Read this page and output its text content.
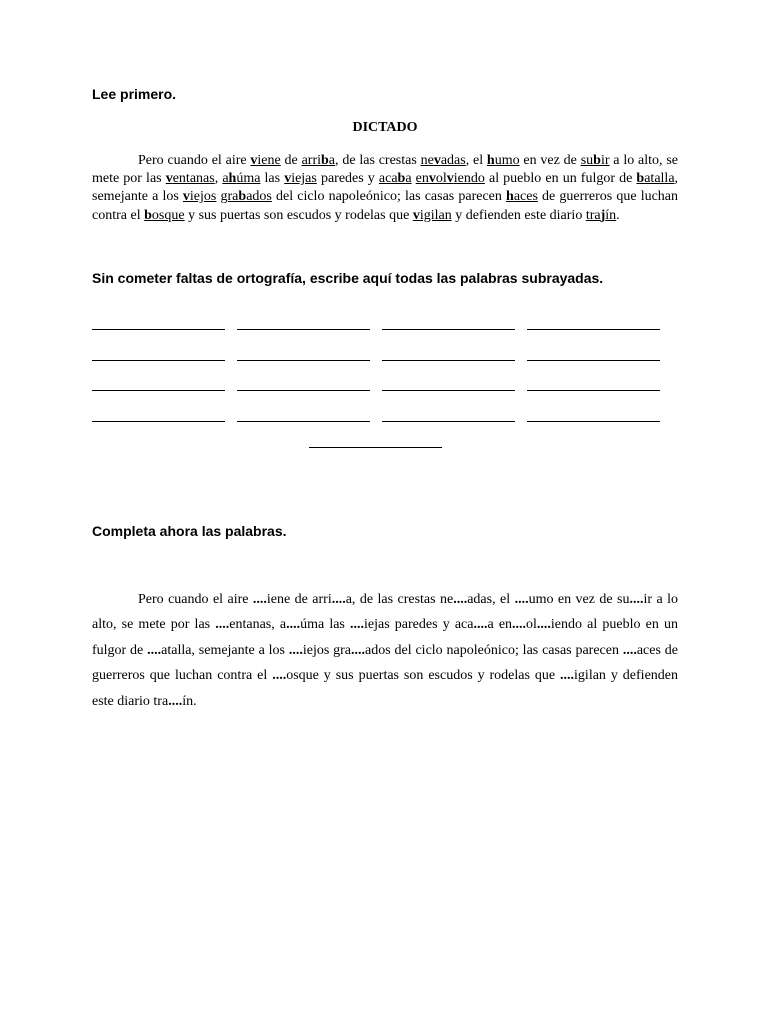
Lee primero.
DICTADO

Pero cuando el aire viene de arriba, de las crestas nevadas, el humo en vez de subir a lo alto, se mete por las ventanas, ahúma las viejas paredes y acaba envolviendo al pueblo en un fulgor de batalla, semejante a los viejos grabados del ciclo napoleónico; las casas parecen haces de guerreros que luchan contra el bosque y sus puertas son escudos y rodelas que vigilan y defienden este diario trajín.

Sin cometer faltas de ortografía, escribe aquí todas las palabras subrayadas.
Completa ahora las palabras.

Pero cuando el aire ....iene de arri....a, de las crestas ne....adas, el ....umo en vez de su....ir a lo alto, se mete por las ....entanas, a....úma las ....iejas paredes y aca....a en....ol....iendo al pueblo en un fulgor de ....atalla, semejante a los ....iejos gra....ados del ciclo napoleónico; las casas parecen ....aces de guerreros que luchan contra el ....osque y sus puertas son escudos y rodelas que ....igilan y defienden este diario tra....ín.
